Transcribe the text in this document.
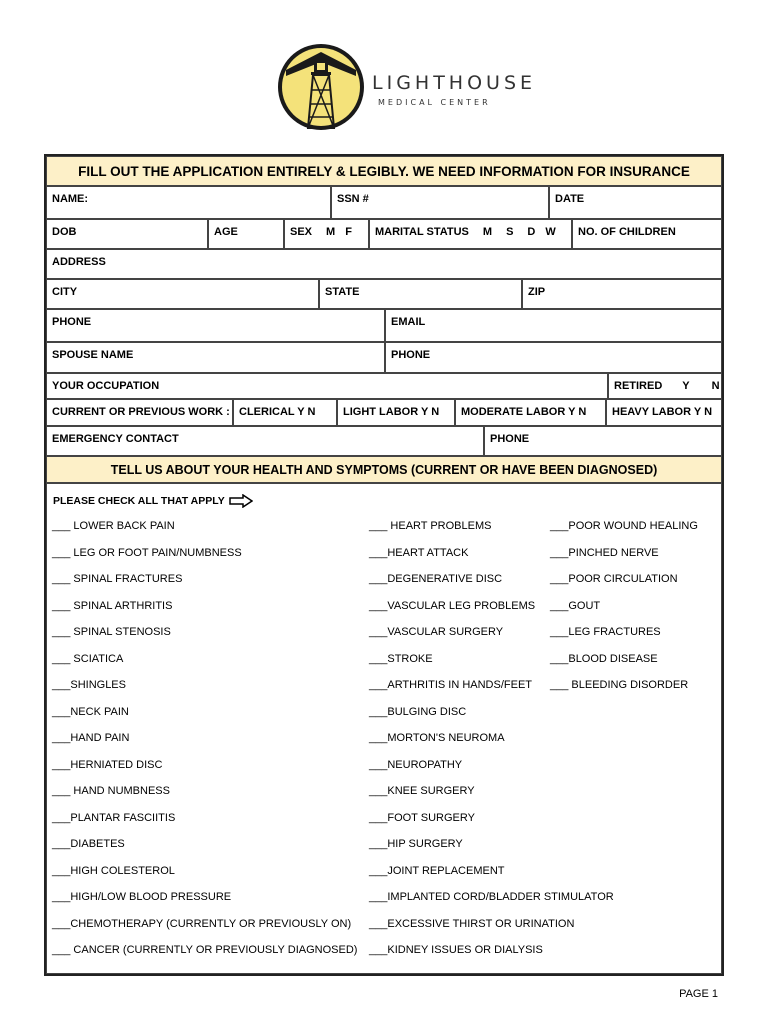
LIGHTHOUSE
MEDICAL CENTER
FILL OUT THE APPLICATION ENTIRELY & LEGIBLY. WE NEED INFORMATION FOR INSURANCE
NAME:	SSN #	DATE
DOB	AGE	SEX M F MARITAL STATUS M S D W NO. OF CHILDREN
ADDRESS
CITY	STATE	ZIP
PHONE	EMAIL
SPOUSE NAME	PHONE
YOUR OCCUPATION	RETIRED Y N
CURRENT OR PREVIOUS WORK : CLERICAL Y N	LIGHT LABOR Y N	MODERATE LABOR Y N	HEAVY LABOR Y N
EMERGENCY CONTACT	PHONE
TELL US ABOUT YOUR HEALTH AND SYMPTOMS (CURRENT OR HAVE BEEN DIAGNOSED)
PLEASE CHECK ALL THAT APPLY
___ LOWER BACK PAIN
___ LEG OR FOOT PAIN/NUMBNESS
___ SPINAL FRACTURES
___ SPINAL ARTHRITIS
___ SPINAL STENOSIS
___ SCIATICA
___SHINGLES
___NECK PAIN
___HAND PAIN
___HERNIATED DISC
___ HAND NUMBNESS
___PLANTAR FASCIITIS
___DIABETES
___HIGH COLESTEROL
___HIGH/LOW BLOOD PRESSURE
___CHEMOTHERAPY (CURRENTLY OR PREVIOUSLY ON)
___ CANCER (CURRENTLY OR PREVIOUSLY DIAGNOSED)
___ HEART PROBLEMS
___HEART ATTACK
___DEGENERATIVE DISC
___VASCULAR LEG PROBLEMS
___VASCULAR SURGERY
___STROKE
___ARTHRITIS IN HANDS/FEET
___BULGING DISC
___MORTON'S NEUROMA
___NEUROPATHY
___KNEE SURGERY
___FOOT SURGERY
___HIP SURGERY
___JOINT REPLACEMENT
___IMPLANTED CORD/BLADDER STIMULATOR
___EXCESSIVE THIRST OR URINATION
___KIDNEY ISSUES OR DIALYSIS
___POOR WOUND HEALING
___PINCHED NERVE
___POOR CIRCULATION
___GOUT
___LEG FRACTURES
___BLOOD DISEASE
___ BLEEDING DISORDER
PAGE 1
